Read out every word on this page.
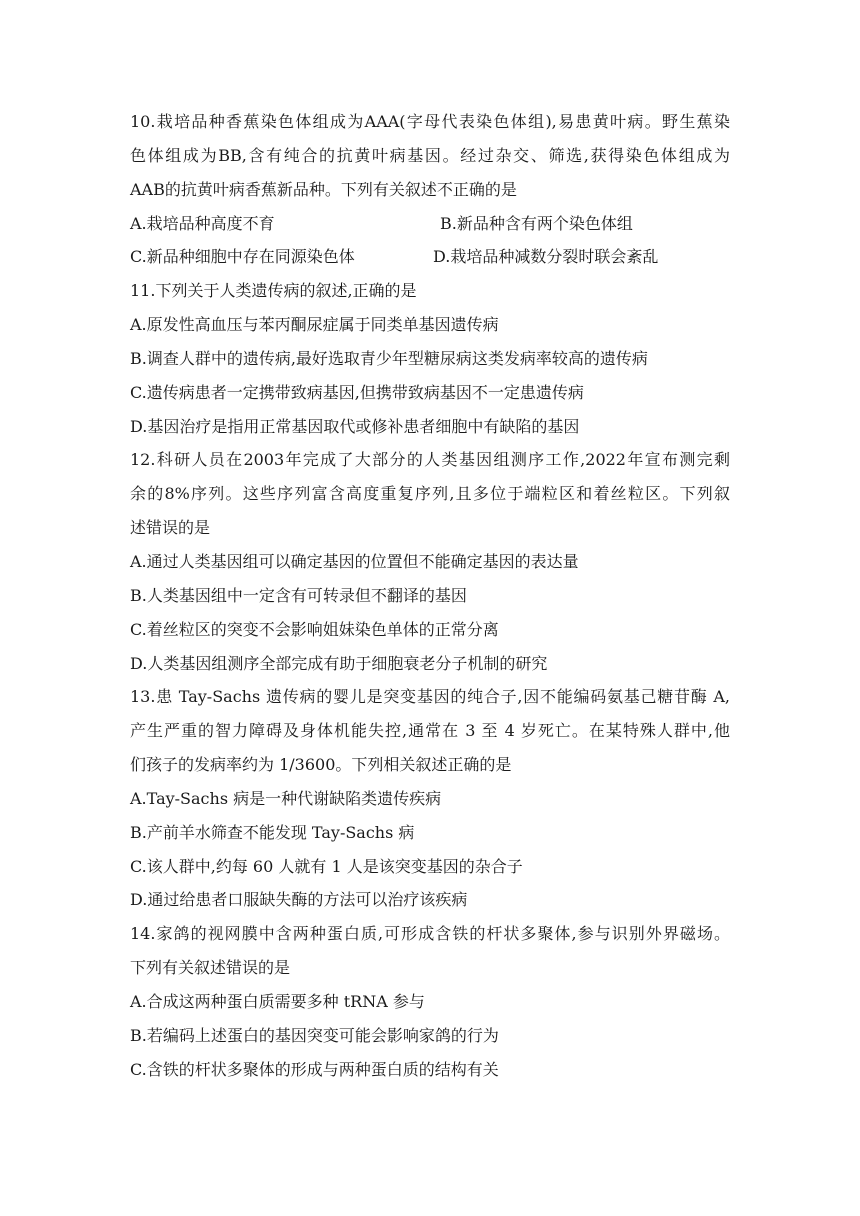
10.栽培品种香蕉染色体组成为AAA(字母代表染色体组),易患黄叶病。野生蕉染
色体组成为BB,含有纯合的抗黄叶病基因。经过杂交、筛选,获得染色体组成为
AAB的抗黄叶病香蕉新品种。下列有关叙述不正确的是
A.栽培品种高度不育	B.新品种含有两个染色体组
C.新品种细胞中存在同源染色体	D.栽培品种减数分裂时联会紊乱
11.下列关于人类遗传病的叙述,正确的是
A.原发性高血压与苯丙酮尿症属于同类单基因遗传病
B.调查人群中的遗传病,最好选取青少年型糖尿病这类发病率较高的遗传病
C.遗传病患者一定携带致病基因,但携带致病基因不一定患遗传病
D.基因治疗是指用正常基因取代或修补患者细胞中有缺陷的基因
12.科研人员在2003年完成了大部分的人类基因组测序工作,2022年宣布测完剩
余的8%序列。这些序列富含高度重复序列,且多位于端粒区和着丝粒区。下列叙
述错误的是
A.通过人类基因组可以确定基因的位置但不能确定基因的表达量
B.人类基因组中一定含有可转录但不翻译的基因
C.着丝粒区的突变不会影响姐妹染色单体的正常分离
D.人类基因组测序全部完成有助于细胞衰老分子机制的研究
13.患 Tay-Sachs 遗传病的婴儿是突变基因的纯合子,因不能编码氨基己糖苷酶 A,
产生严重的智力障碍及身体机能失控,通常在 3 至 4 岁死亡。在某特殊人群中,他
们孩子的发病率约为 1/3600。下列相关叙述正确的是
A.Tay-Sachs 病是一种代谢缺陷类遗传疾病
B.产前羊水筛查不能发现 Tay-Sachs 病
C.该人群中,约每 60 人就有 1 人是该突变基因的杂合子
D.通过给患者口服缺失酶的方法可以治疗该疾病
14.家鸽的视网膜中含两种蛋白质,可形成含铁的杆状多聚体,参与识别外界磁场。
下列有关叙述错误的是
A.合成这两种蛋白质需要多种 tRNA 参与
B.若编码上述蛋白的基因突变可能会影响家鸽的行为
C.含铁的杆状多聚体的形成与两种蛋白质的结构有关
